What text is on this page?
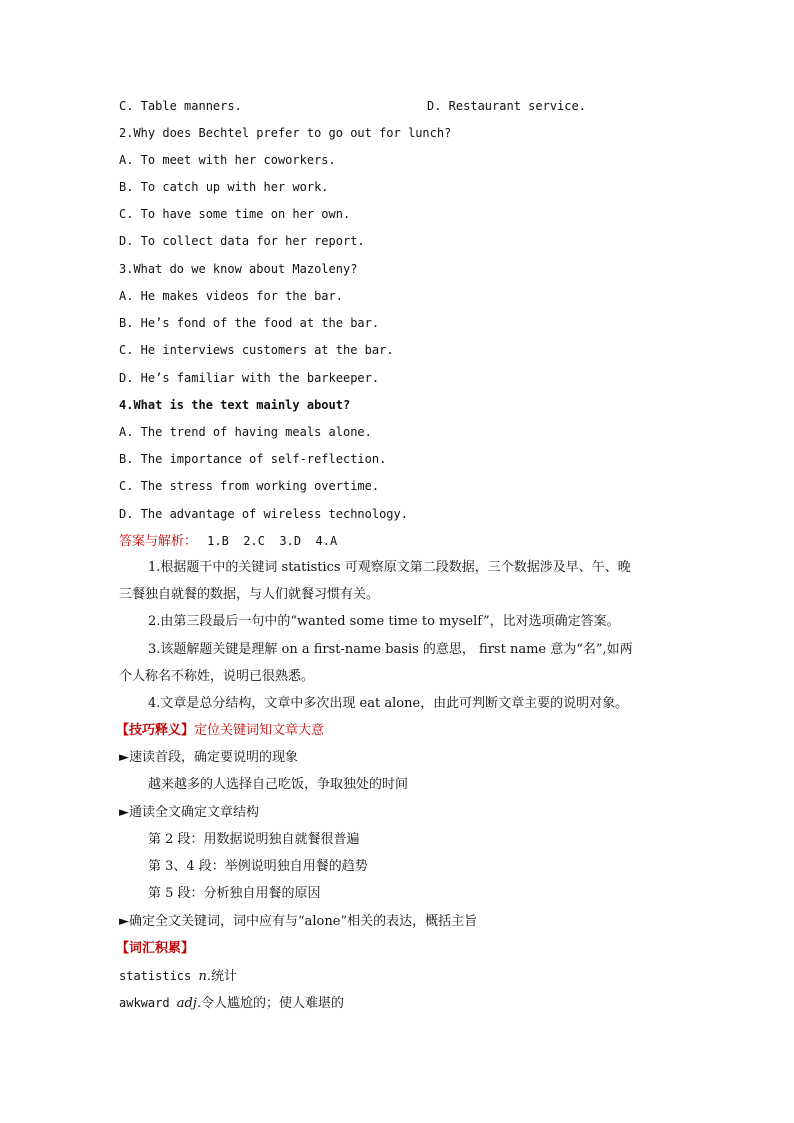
C. Table manners.	D. Restaurant service.
2.Why does Bechtel prefer to go out for lunch?
A. To meet with her coworkers.
B. To catch up with her work.
C. To have some time on her own.
D. To collect data for her report.
3.What do we know about Mazoleny?
A. He makes videos for the bar.
B. He’s fond of the food at the bar.
C. He interviews customers at the bar.
D. He’s familiar with the barkeeper.
4.What is the text mainly about?
A. The trend of having meals alone.
B. The importance of self-reflection.
C. The stress from working overtime.
D. The advantage of wireless technology.
答案与解析： 1.B  2.C  3.D  4.A
1.根据题干中的关键词 statistics 可观察原文第二段数据，三个数据涉及早、午、晚
三餐独自就餐的数据，与人们就餐习惯有关。
2.由第三段最后一句中的“wanted some time to myself”，比对选项确定答案。
3.该题解题关键是理解 on a first-name basis 的意思， first name 意为“名”,如两
个人称名不称姓，说明已很熟悉。
4.文章是总分结构，文章中多次出现 eat alone，由此可判断文章主要的说明对象。
【技巧释义】定位关键词知文章大意
►速读首段，确定要说明的现象
越来越多的人选择自己吃饭，争取独处的时间
►通读全文确定文章结构
第 2 段：用数据说明独自就餐很普遍
第 3、4 段：举例说明独自用餐的趋势
第 5 段：分析独自用餐的原因
►确定全文关键词，词中应有与“alone”相关的表达，概括主旨
【词汇积累】
statistics n.统计
awkward adj.令人尴尬的；使人难堪的
